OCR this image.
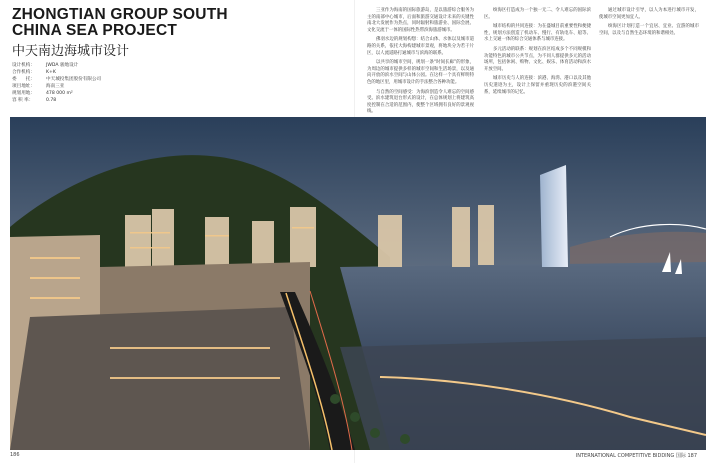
ZHONGTIAN GROUP SOUTH
CHINA SEA PROJECT
中天南边海城市设计
设计机构：	JWDA 骏地设计
合作机构：	K+K
委　　托：	中天城投集团股份有限公司
项目地址：	海南三亚
规划用地：	478 000 m²
容 积 率：	0.78

三亚作为海南的国际旅游岛，是以旅游综合服务为主的南部中心城市，后面和旅游交通设计未来的关键性南北大发展作为热点，同时辐射和旅游业、国际会展、文化交流于一体的国际性热带滨海旅游城市。

佛羽水边的规划构想：结合山体、水体以及城市道路的关系，依托大海构建城市景观，将地块分为若干片区，以人流道路打通城市与滨海的联系。

以共享的城市空间，规划一条“时间长廊”的形象，为周边的城市提供多样的城市空间和生活场景，以及通向开放的滨水空间与山体公园。在这样一个具有鲜明特色的地区里，用城市设计的手法整合各种功能。

与自然的空间感受：为海滨创造令人难忘的空间感受。滨水建筑退台形式的设计，在总体规划上将建筑高度控制在合适的范围内，使整个区域拥有良好的景观视线。

缤海区打造成为一个独一无二、令人难忘的国际滨区。

城市结构的共同连接：为在盛城目前重要性和便捷性，规划方法创造了机动车、慢行、有轨电车、船等、水上交通一体的综合交通体系与城市连接。

多元活动的联系：规划在滨区结成多个不同规模和功能特色的城市公共节点，为不同人群提供多元的活动场所，包括休闲、购物、文化、娱乐、体育活动和滨水开放空间。

城市历史与人的连接：滨港、海湾、港口以及其他历史遗迹为主，设计上保留并重现历史的滨港空间关系，延续城市的记忆。

通过城市设计引导，以人为本进行城市开发，使城市空间更加宜人。

缤海区计划打造一个宜居、宜业、宜游的城市空间，以及与自然生态环境的和谐相处。

186	INTERNATIONAL COMPETITIVE BIDDING 国际 187
